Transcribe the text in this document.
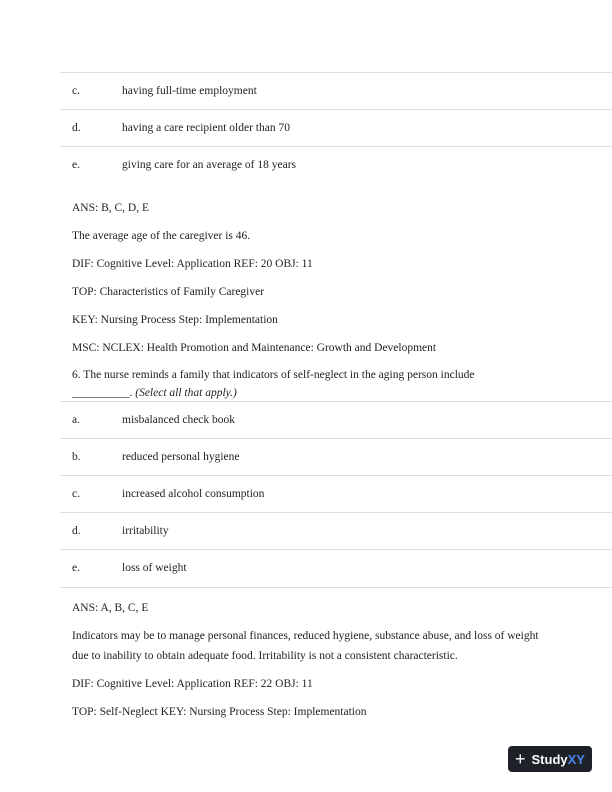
c.	having full-time employment
d.	having a care recipient older than 70
e.	giving care for an average of 18 years
ANS: B, C, D, E
The average age of the caregiver is 46.
DIF: Cognitive Level: Application REF: 20 OBJ: 11
TOP: Characteristics of Family Caregiver
KEY: Nursing Process Step: Implementation
MSC: NCLEX: Health Promotion and Maintenance: Growth and Development
6. The nurse reminds a family that indicators of self-neglect in the aging person include
__________. (Select all that apply.)
a.	misbalanced check book
b.	reduced personal hygiene
c.	increased alcohol consumption
d.	irritability
e.	loss of weight
ANS: A, B, C, E
Indicators may be to manage personal finances, reduced hygiene, substance abuse, and loss of weight
due to inability to obtain adequate food. Irritability is not a consistent characteristic.
DIF: Cognitive Level: Application REF: 22 OBJ: 11
TOP: Self-Neglect KEY: Nursing Process Step: Implementation
+ Study XY
